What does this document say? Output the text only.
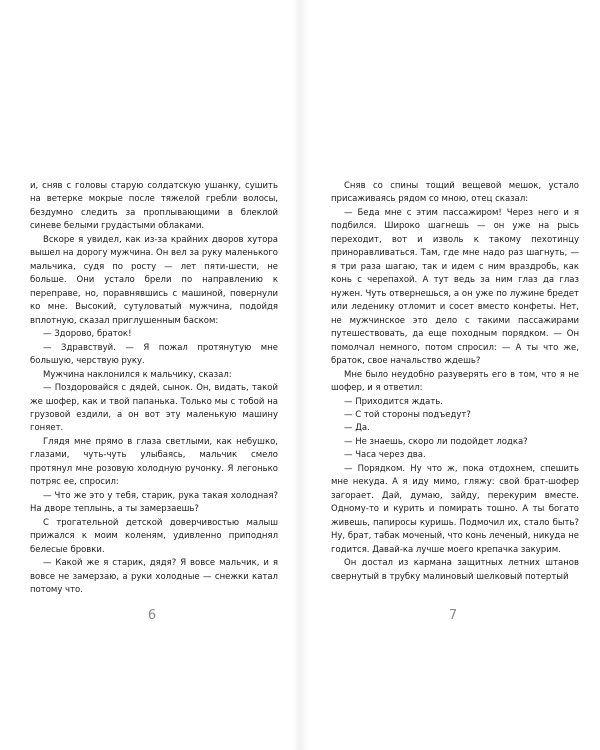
и, сняв с головы старую солдатскую ушанку, сушить на ветерке мокрые после тяжелой гребли волосы, бездумно следить за проплывающими в блеклой синеве белыми грудастыми облаками.

Вскоре я увидел, как из-за крайних дворов хутора вышел на дорогу мужчина. Он вел за руку маленького мальчика, судя по росту — лет пяти-шести, не больше. Они устало брели по направлению к переправе, но, поравнявшись с машиной, повернули ко мне. Высокий, сутуловатый мужчина, подойдя вплотную, сказал приглушенным баском:

— Здорово, браток!

— Здравствуй. — Я пожал протянутую мне большую, черствую руку.

Мужчина наклонился к мальчику, сказал:

— Поздоровайся с дядей, сынок. Он, видать, такой же шофер, как и твой папанька. Только мы с тобой на грузовой ездили, а он вот эту маленькую машину гоняет.

Глядя мне прямо в глаза светлыми, как небушко, глазами, чуть-чуть улыбаясь, мальчик смело протянул мне розовую холодную ручонку. Я легонько потряс ее, спросил:

— Что же это у тебя, старик, рука такая холодная? На дворе теплынь, а ты замерзаешь?

С трогательной детской доверчивостью малыш прижался к моим коленям, удивленно приподнял белесые бровки.

— Какой же я старик, дядя? Я вовсе мальчик, и я вовсе не замерзаю, а руки холодные — снежки катал потому что.

6

Сняв со спины тощий вещевой мешок, устало присаживаясь рядом со мною, отец сказал:

— Беда мне с этим пассажиром! Через него и я подбился. Широко шагнешь — он уже на рысь переходит, вот и изволь к такому пехотинцу приноравливаться. Там, где мне надо раз шагнуть, — я три раза шагаю, так и идем с ним враздробь, как конь с черепахой. А тут ведь за ним глаз да глаз нужен. Чуть отвернешься, а он уже по лужине бредет или леденику отломит и сосет вместо конфеты. Нет, не мужчинское это дело с такими пассажирами путешествовать, да еще походным порядком. — Он помолчал немного, потом спросил: — А ты что же, браток, свое начальство ждешь?

Мне было неудобно разуверять его в том, что я не шофер, и я ответил:

— Приходится ждать.

— С той стороны подъедут?

— Да.

— Не знаешь, скоро ли подойдет лодка?

— Часа через два.

— Порядком. Ну что ж, пока отдохнем, спешить мне некуда. А я иду мимо, гляжу: свой брат-шофер загорает. Дай, думаю, зайду, перекурим вместе. Одному-то и курить и помирать тошно. А ты богато живешь, папиросы куришь. Подмочил их, стало быть? Ну, брат, табак моченый, что конь леченый, никуда не годится. Давай-ка лучше моего крепачка закурим.

Он достал из кармана защитных летних штанов свернутый в трубку малиновый шелковый потертый

7
